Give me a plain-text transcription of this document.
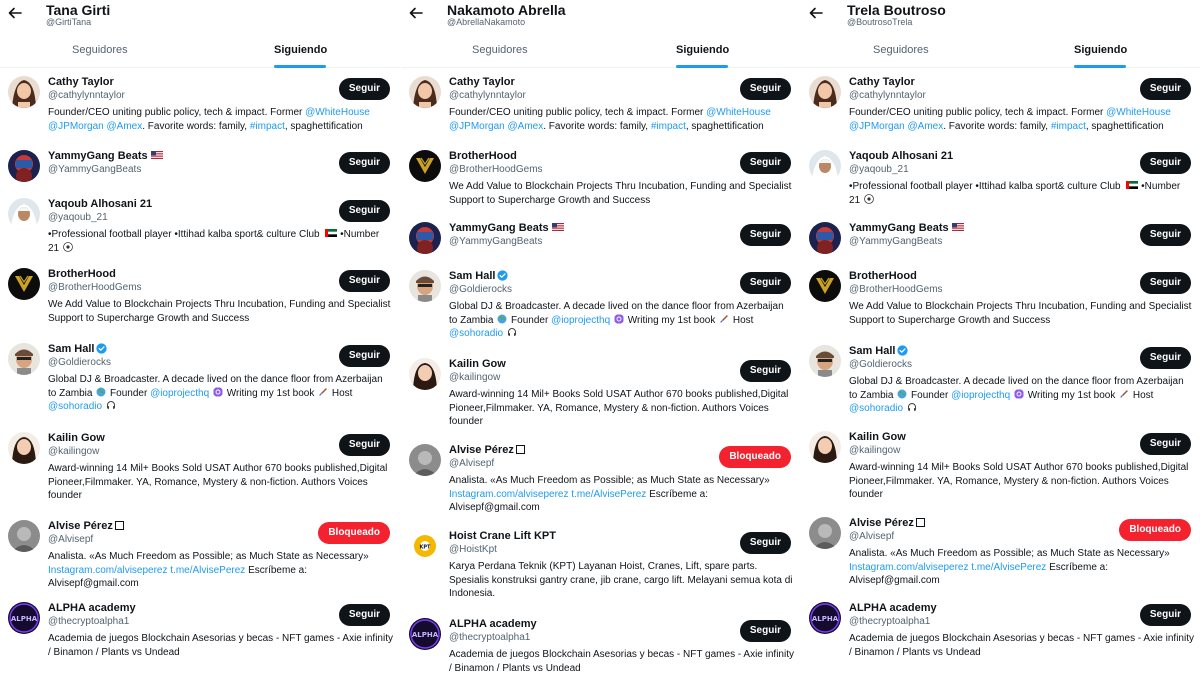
Tana Girti
@GirtiTana
Seguidores	Siguiendo
Cathy Taylor
@cathylynntaylor
Founder/CEO uniting public policy, tech & impact. Former @WhiteHouse @JPMorgan @Amex. Favorite words: family, #impact, spaghettification
Seguir
YammyGang Beats
@YammyGangBeats
Seguir
Yaqoub Alhosani 21
@yaqoub_21
•Professional football player •Ittihad kalba sport& culture Club  •Number 21
Seguir
BrotherHood
@BrotherHoodGems
We Add Value to Blockchain Projects Thru Incubation, Funding and Specialist Support to Supercharge Growth and Success
Seguir
Sam Hall
@Goldierocks
Global DJ & Broadcaster. A decade lived on the dance floor from Azerbaijan to Zambia  Founder @ioprojecthq  Writing my 1st book  Host @sohoradio
Seguir
Kailin Gow
@kailingow
Award-winning 14 Mil+ Books Sold USAT Author 670 books published,Digital Pioneer,Filmmaker. YA, Romance, Mystery & non-fiction. Authors Voices founder
Seguir
Alvise Pérez
@Alvisepf
Analista. «As Much Freedom as Possible; as Much State as Necessary» Instagram.com/alviseperez t.me/AlvisePerez Escríbeme a: Alvisepf@gmail.com
Bloqueado
ALPHA
ALPHA academy
@thecryptoalpha1
Academia de juegos Blockchain Asesorias y becas - NFT games - Axie infinity / Binamon / Plants vs Undead
Seguir
Nakamoto Abrella
@AbrellaNakamoto
Seguidores	Siguiendo
Cathy Taylor
@cathylynntaylor
Founder/CEO uniting public policy, tech & impact. Former @WhiteHouse @JPMorgan @Amex. Favorite words: family, #impact, spaghettification
Seguir
BrotherHood
@BrotherHoodGems
We Add Value to Blockchain Projects Thru Incubation, Funding and Specialist Support to Supercharge Growth and Success
Seguir
YammyGang Beats
@YammyGangBeats
Seguir
Sam Hall
@Goldierocks
Global DJ & Broadcaster. A decade lived on the dance floor from Azerbaijan to Zambia  Founder @ioprojecthq  Writing my 1st book  Host @sohoradio
Seguir
Kailin Gow
@kailingow
Award-winning 14 Mil+ Books Sold USAT Author 670 books published,Digital Pioneer,Filmmaker. YA, Romance, Mystery & non-fiction. Authors Voices founder
Seguir
Alvise Pérez
@Alvisepf
Analista. «As Much Freedom as Possible; as Much State as Necessary» Instagram.com/alviseperez t.me/AlvisePerez Escríbeme a: Alvisepf@gmail.com
Bloqueado
KPT
Hoist Crane Lift KPT
@HoistKpt
Karya Perdana Teknik (KPT) Layanan Hoist, Cranes, Lift, spare parts. Spesialis konstruksi gantry crane, jib crane, cargo lift. Melayani semua kota di Indonesia.
Seguir
ALPHA
ALPHA academy
@thecryptoalpha1
Academia de juegos Blockchain Asesorias y becas - NFT games - Axie infinity / Binamon / Plants vs Undead
Seguir
Trela Boutroso
@BoutrosoTrela
Seguidores	Siguiendo
Cathy Taylor
@cathylynntaylor
Founder/CEO uniting public policy, tech & impact. Former @WhiteHouse @JPMorgan @Amex. Favorite words: family, #impact, spaghettification
Seguir
Yaqoub Alhosani 21
@yaqoub_21
•Professional football player •Ittihad kalba sport& culture Club  •Number 21
Seguir
YammyGang Beats
@YammyGangBeats
Seguir
BrotherHood
@BrotherHoodGems
We Add Value to Blockchain Projects Thru Incubation, Funding and Specialist Support to Supercharge Growth and Success
Seguir
Sam Hall
@Goldierocks
Global DJ & Broadcaster. A decade lived on the dance floor from Azerbaijan to Zambia  Founder @ioprojecthq  Writing my 1st book  Host @sohoradio
Seguir
Kailin Gow
@kailingow
Award-winning 14 Mil+ Books Sold USAT Author 670 books published,Digital Pioneer,Filmmaker. YA, Romance, Mystery & non-fiction. Authors Voices founder
Seguir
Alvise Pérez
@Alvisepf
Analista. «As Much Freedom as Possible; as Much State as Necessary» Instagram.com/alviseperez t.me/AlvisePerez Escríbeme a: Alvisepf@gmail.com
Bloqueado
ALPHA
ALPHA academy
@thecryptoalpha1
Academia de juegos Blockchain Asesorias y becas - NFT games - Axie infinity / Binamon / Plants vs Undead
Seguir
